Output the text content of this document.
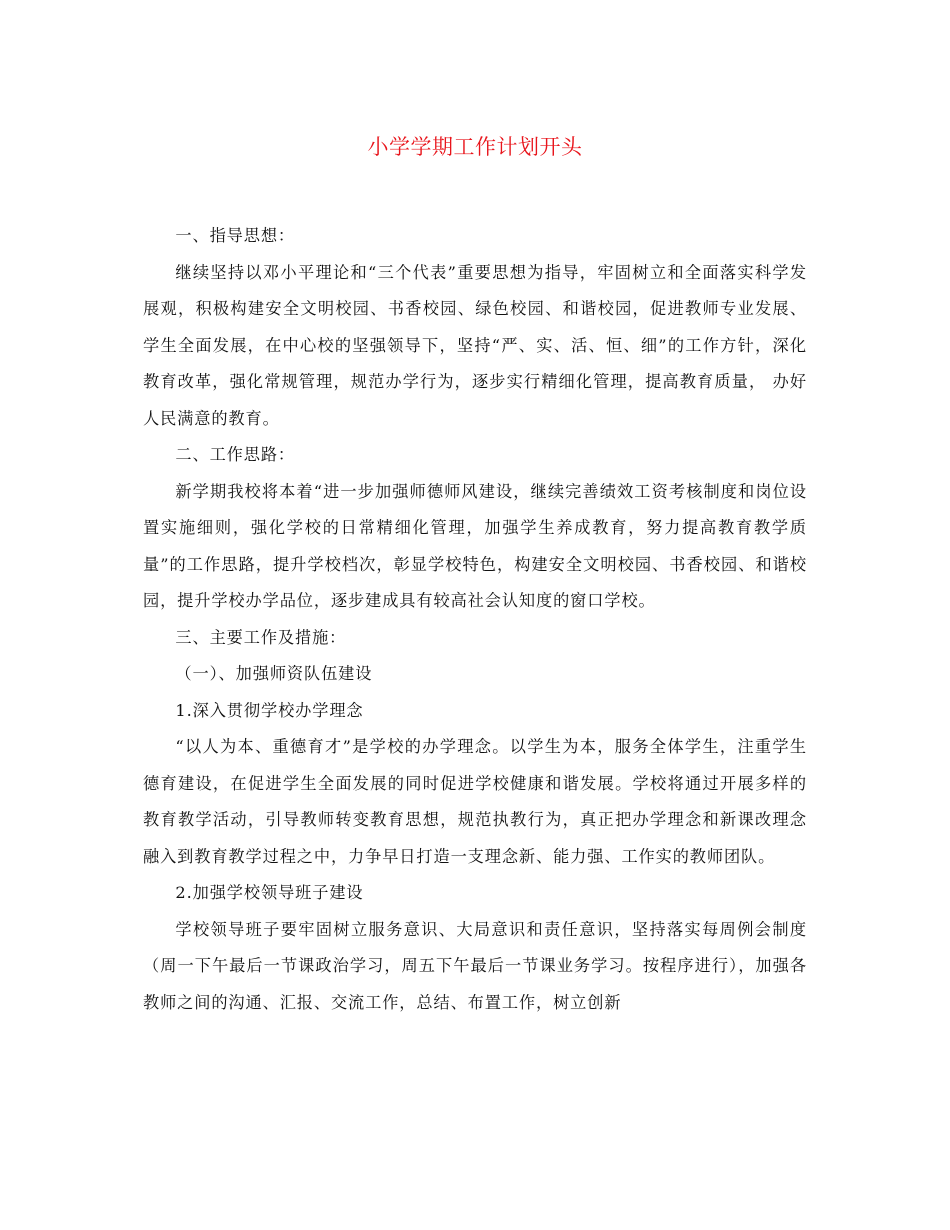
小学学期工作计划开头

一、指导思想：

继续坚持以邓小平理论和“三个代表”重要思想为指导，牢固树立和全面落实科学发展观，积极构建安全文明校园、书香校园、绿色校园、和谐校园，促进教师专业发展、学生全面发展，在中心校的坚强领导下，坚持“严、实、活、恒、细”的工作方针，深化教育改革，强化常规管理，规范办学行为，逐步实行精细化管理，提高教育质量， 办好人民满意的教育。

二、工作思路：

新学期我校将本着“进一步加强师德师风建设，继续完善绩效工资考核制度和岗位设置实施细则，强化学校的日常精细化管理，加强学生养成教育，努力提高教育教学质量”的工作思路，提升学校档次，彰显学校特色，构建安全文明校园、书香校园、和谐校园，提升学校办学品位，逐步建成具有较高社会认知度的窗口学校。

三、主要工作及措施：

（一）、加强师资队伍建设

1.深入贯彻学校办学理念

“以人为本、重德育才”是学校的办学理念。以学生为本，服务全体学生，注重学生德育建设，在促进学生全面发展的同时促进学校健康和谐发展。学校将通过开展多样的教育教学活动，引导教师转变教育思想，规范执教行为，真正把办学理念和新课改理念融入到教育教学过程之中，力争早日打造一支理念新、能力强、工作实的教师团队。

2.加强学校领导班子建设

学校领导班子要牢固树立服务意识、大局意识和责任意识，坚持落实每周例会制度（周一下午最后一节课政治学习，周五下午最后一节课业务学习。按程序进行），加强各教师之间的沟通、汇报、交流工作，总结、布置工作，树立创新
